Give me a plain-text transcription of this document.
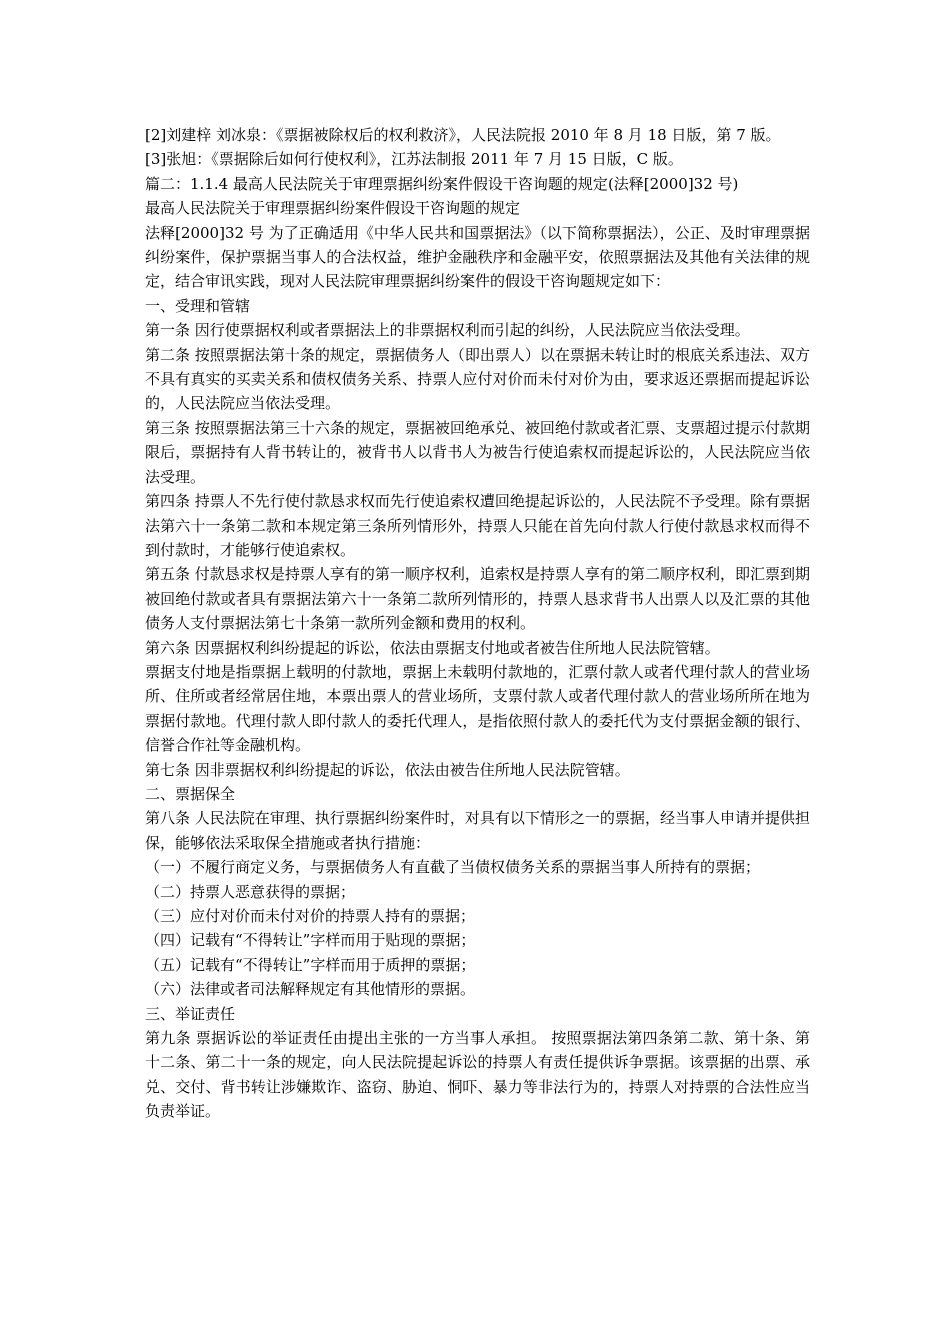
[2]刘建梓 刘冰泉：《票据被除权后的权利救济》，人民法院报 2010 年 8 月 18 日版，第 7 版。

[3]张旭：《票据除后如何行使权利》，江苏法制报 2011 年 7 月 15 日版，C 版。

篇二：1.1.4 最高人民法院关于审理票据纠纷案件假设干咨询题的规定(法释[2000]32 号)

最高人民法院关于审理票据纠纷案件假设干咨询题的规定

法释[2000]32 号 为了正确适用《中华人民共和国票据法》（以下简称票据法），公正、及时审理票据纠纷案件，保护票据当事人的合法权益，维护金融秩序和金融平安，依照票据法及其他有关法律的规定，结合审讯实践，现对人民法院审理票据纠纷案件的假设干咨询题规定如下：

一、受理和管辖

第一条 因行使票据权利或者票据法上的非票据权利而引起的纠纷，人民法院应当依法受理。

第二条 按照票据法第十条的规定，票据债务人（即出票人）以在票据未转让时的根底关系违法、双方不具有真实的买卖关系和债权债务关系、持票人应付对价而未付对价为由，要求返还票据而提起诉讼的，人民法院应当依法受理。

第三条 按照票据法第三十六条的规定，票据被回绝承兑、被回绝付款或者汇票、支票超过提示付款期限后，票据持有人背书转让的，被背书人以背书人为被告行使追索权而提起诉讼的，人民法院应当依法受理。

第四条 持票人不先行使付款恳求权而先行使追索权遭回绝提起诉讼的，人民法院不予受理。除有票据法第六十一条第二款和本规定第三条所列情形外，持票人只能在首先向付款人行使付款恳求权而得不到付款时，才能够行使追索权。

第五条 付款恳求权是持票人享有的第一顺序权利，追索权是持票人享有的第二顺序权利，即汇票到期被回绝付款或者具有票据法第六十一条第二款所列情形的，持票人恳求背书人出票人以及汇票的其他债务人支付票据法第七十条第一款所列金额和费用的权利。

第六条 因票据权利纠纷提起的诉讼，依法由票据支付地或者被告住所地人民法院管辖。

票据支付地是指票据上载明的付款地，票据上未载明付款地的，汇票付款人或者代理付款人的营业场所、住所或者经常居住地，本票出票人的营业场所，支票付款人或者代理付款人的营业场所所在地为票据付款地。代理付款人即付款人的委托代理人，是指依照付款人的委托代为支付票据金额的银行、信誉合作社等金融机构。

第七条 因非票据权利纠纷提起的诉讼，依法由被告住所地人民法院管辖。

二、票据保全

第八条 人民法院在审理、执行票据纠纷案件时，对具有以下情形之一的票据，经当事人申请并提供担保，能够依法采取保全措施或者执行措施：

（一）不履行商定义务，与票据债务人有直截了当债权债务关系的票据当事人所持有的票据；

（二）持票人恶意获得的票据；

（三）应付对价而未付对价的持票人持有的票据；

（四）记载有“不得转让”字样而用于贴现的票据；

（五）记载有“不得转让”字样而用于质押的票据；

（六）法律或者司法解释规定有其他情形的票据。

三、举证责任

第九条 票据诉讼的举证责任由提出主张的一方当事人承担。 按照票据法第四条第二款、第十条、第十二条、第二十一条的规定，向人民法院提起诉讼的持票人有责任提供诉争票据。该票据的出票、承兑、交付、背书转让涉嫌欺诈、盗窃、胁迫、恫吓、暴力等非法行为的，持票人对持票的合法性应当负责举证。
